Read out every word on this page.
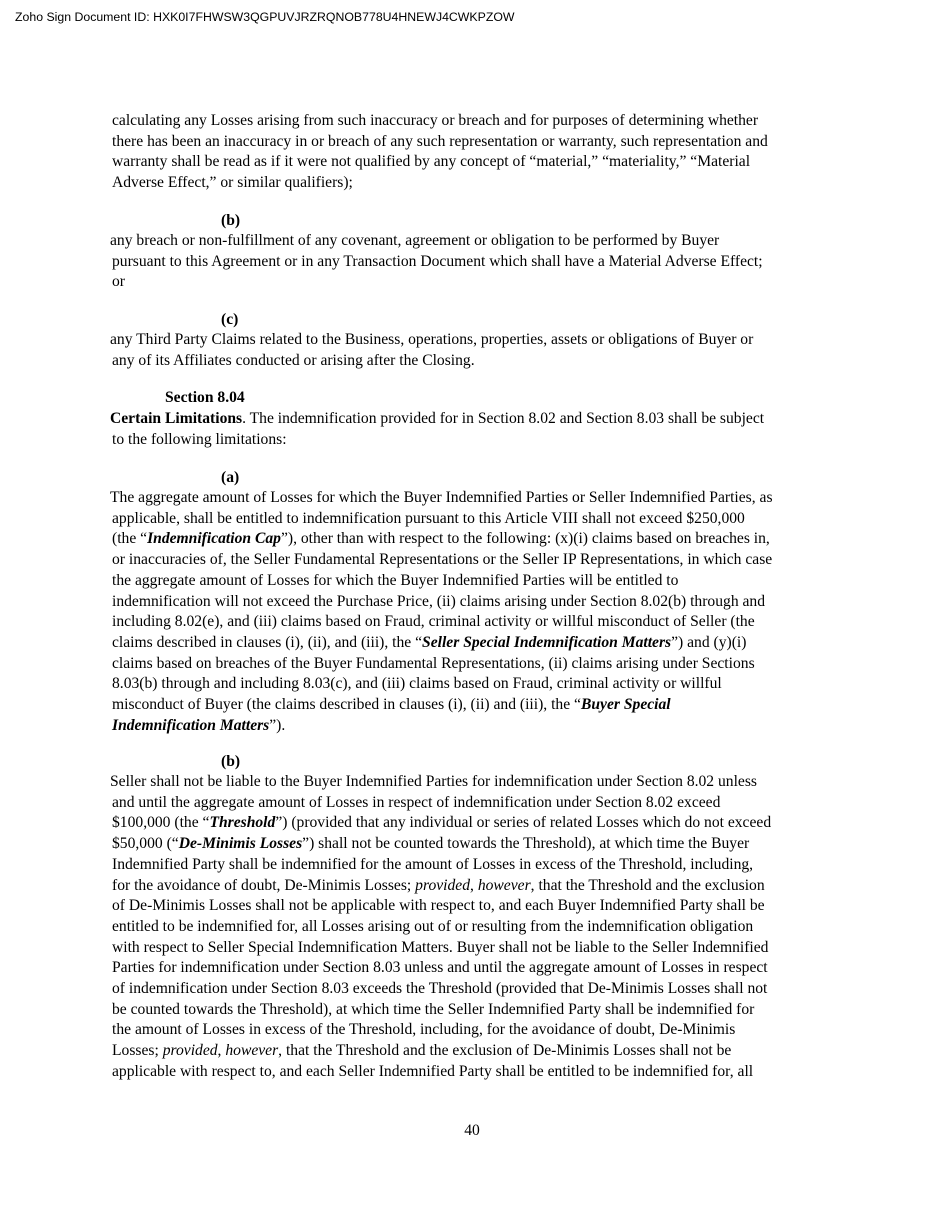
Zoho Sign Document ID: HXK0I7FHWSW3QGPUVJRZRQNOB778U4HNEWJ4CWKPZOW
calculating any Losses arising from such inaccuracy or breach and for purposes of determining whether
there has been an inaccuracy in or breach of any such representation or warranty, such representation and
warranty shall be read as if it were not qualified by any concept of “material,” “materiality,” “Material
Adverse Effect,” or similar qualifiers);
(b)
any breach or non-fulfillment of any covenant, agreement or obligation to be performed by Buyer
pursuant to this Agreement or in any Transaction Document which shall have a Material Adverse Effect;
or
(c)
any Third Party Claims related to the Business, operations, properties, assets or obligations of Buyer or
any of its Affiliates conducted or arising after the Closing.
Section 8.04
Certain Limitations. The indemnification provided for in Section 8.02 and Section 8.03 shall be subject
to the following limitations:
(a)
The aggregate amount of Losses for which the Buyer Indemnified Parties or Seller Indemnified Parties, as
applicable, shall be entitled to indemnification pursuant to this Article VIII shall not exceed $250,000
(the “Indemnification Cap”), other than with respect to the following: (x)(i) claims based on breaches in,
or inaccuracies of, the Seller Fundamental Representations or the Seller IP Representations, in which case
the aggregate amount of Losses for which the Buyer Indemnified Parties will be entitled to
indemnification will not exceed the Purchase Price, (ii) claims arising under Section 8.02(b) through and
including 8.02(e), and (iii) claims based on Fraud, criminal activity or willful misconduct of Seller (the
claims described in clauses (i), (ii), and (iii), the “Seller Special Indemnification Matters”) and (y)(i)
claims based on breaches of the Buyer Fundamental Representations, (ii) claims arising under Sections
8.03(b) through and including 8.03(c), and (iii) claims based on Fraud, criminal activity or willful
misconduct of Buyer (the claims described in clauses (i), (ii) and (iii), the “Buyer Special
Indemnification Matters”).
(b)
Seller shall not be liable to the Buyer Indemnified Parties for indemnification under Section 8.02 unless
and until the aggregate amount of Losses in respect of indemnification under Section 8.02 exceed
$100,000 (the “Threshold”) (provided that any individual or series of related Losses which do not exceed
$50,000 (“De-Minimis Losses”) shall not be counted towards the Threshold), at which time the Buyer
Indemnified Party shall be indemnified for the amount of Losses in excess of the Threshold, including,
for the avoidance of doubt, De-Minimis Losses; provided, however, that the Threshold and the exclusion
of De-Minimis Losses shall not be applicable with respect to, and each Buyer Indemnified Party shall be
entitled to be indemnified for, all Losses arising out of or resulting from the indemnification obligation
with respect to Seller Special Indemnification Matters. Buyer shall not be liable to the Seller Indemnified
Parties for indemnification under Section 8.03 unless and until the aggregate amount of Losses in respect
of indemnification under Section 8.03 exceeds the Threshold (provided that De-Minimis Losses shall not
be counted towards the Threshold), at which time the Seller Indemnified Party shall be indemnified for
the amount of Losses in excess of the Threshold, including, for the avoidance of doubt, De-Minimis
Losses; provided, however, that the Threshold and the exclusion of De-Minimis Losses shall not be
applicable with respect to, and each Seller Indemnified Party shall be entitled to be indemnified for, all
40
